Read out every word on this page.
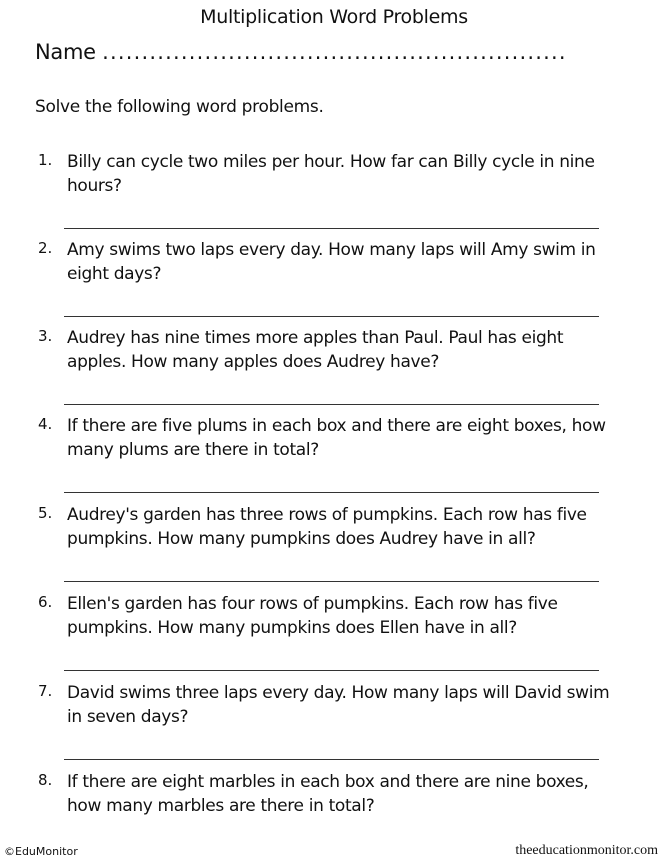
Multiplication Word Problems
Name ...........................................................
Solve the following word problems.
1. Billy can cycle two miles per hour. How far can Billy cycle in nine hours?
2. Amy swims two laps every day. How many laps will Amy swim in eight days?
3. Audrey has nine times more apples than Paul. Paul has eight apples. How many apples does Audrey have?
4. If there are five plums in each box and there are eight boxes, how many plums are there in total?
5. Audrey's garden has three rows of pumpkins. Each row has five pumpkins. How many pumpkins does Audrey have in all?
6. Ellen's garden has four rows of pumpkins. Each row has five pumpkins. How many pumpkins does Ellen have in all?
7. David swims three laps every day. How many laps will David swim in seven days?
8. If there are eight marbles in each box and there are nine boxes, how many marbles are there in total?
©EduMonitor	theeducationmonitor.com
